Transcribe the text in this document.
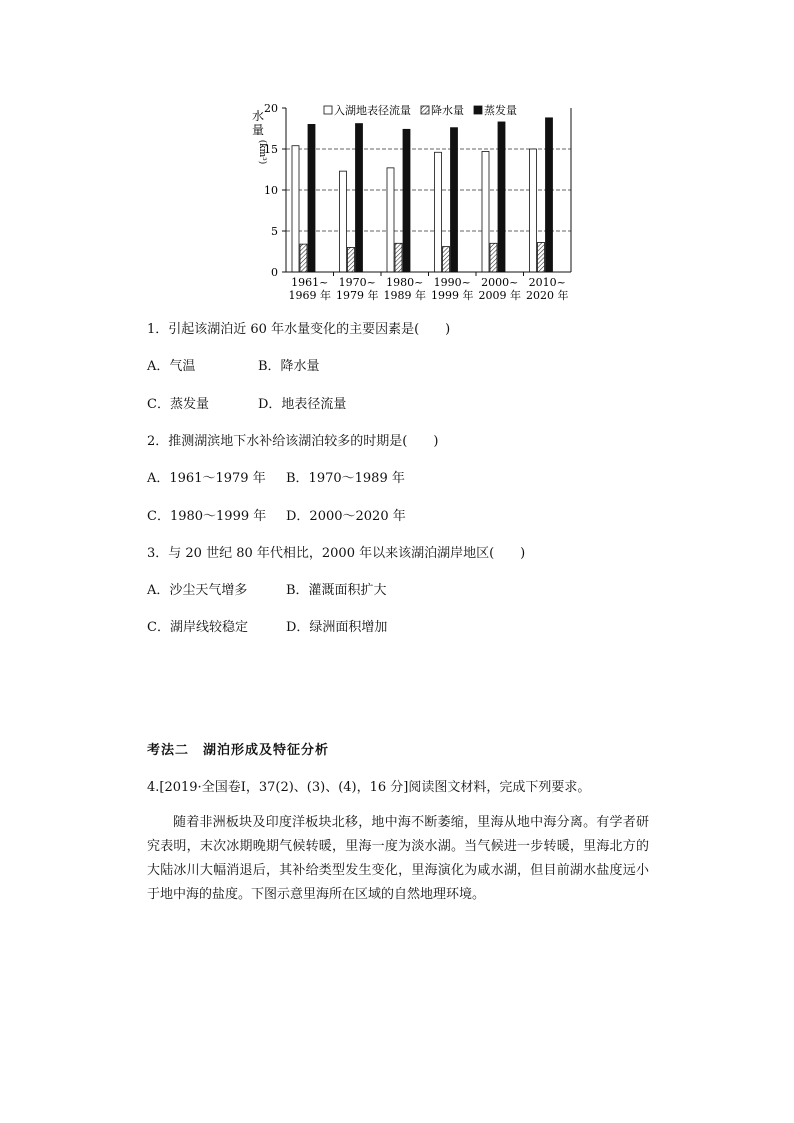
0
5
10
15
20
1961~
1969 年
1970~
1979 年
1980~
1989 年
1990~
1999 年
2000~
2009 年
2010~
2020 年
水
量
(km³)
入湖地表径流量 降水量 蒸发量
1．引起该湖泊近 60 年水量变化的主要因素是(　　)
A．气温	B．降水量
C．蒸发量	D．地表径流量
2．推测湖滨地下水补给该湖泊较多的时期是(　　)
A．1961～1979 年	B．1970～1989 年
C．1980～1999 年	D．2000～2020 年
3．与 20 世纪 80 年代相比，2000 年以来该湖泊湖岸地区(　　)
A．沙尘天气增多	B．灌溉面积扩大
C．湖岸线较稳定	D．绿洲面积增加
考法二　湖泊形成及特征分析
4.[2019·全国卷Ⅰ，37(2)、(3)、(4)，16 分]阅读图文材料，完成下列要求。

随着非洲板块及印度洋板块北移，地中海不断萎缩，里海从地中海分离。有学者研究表明，末次冰期晚期气候转暖，里海一度为淡水湖。当气候进一步转暖，里海北方的大陆冰川大幅消退后，其补给类型发生变化，里海演化为咸水湖，但目前湖水盐度远小于地中海的盐度。下图示意里海所在区域的自然地理环境。
